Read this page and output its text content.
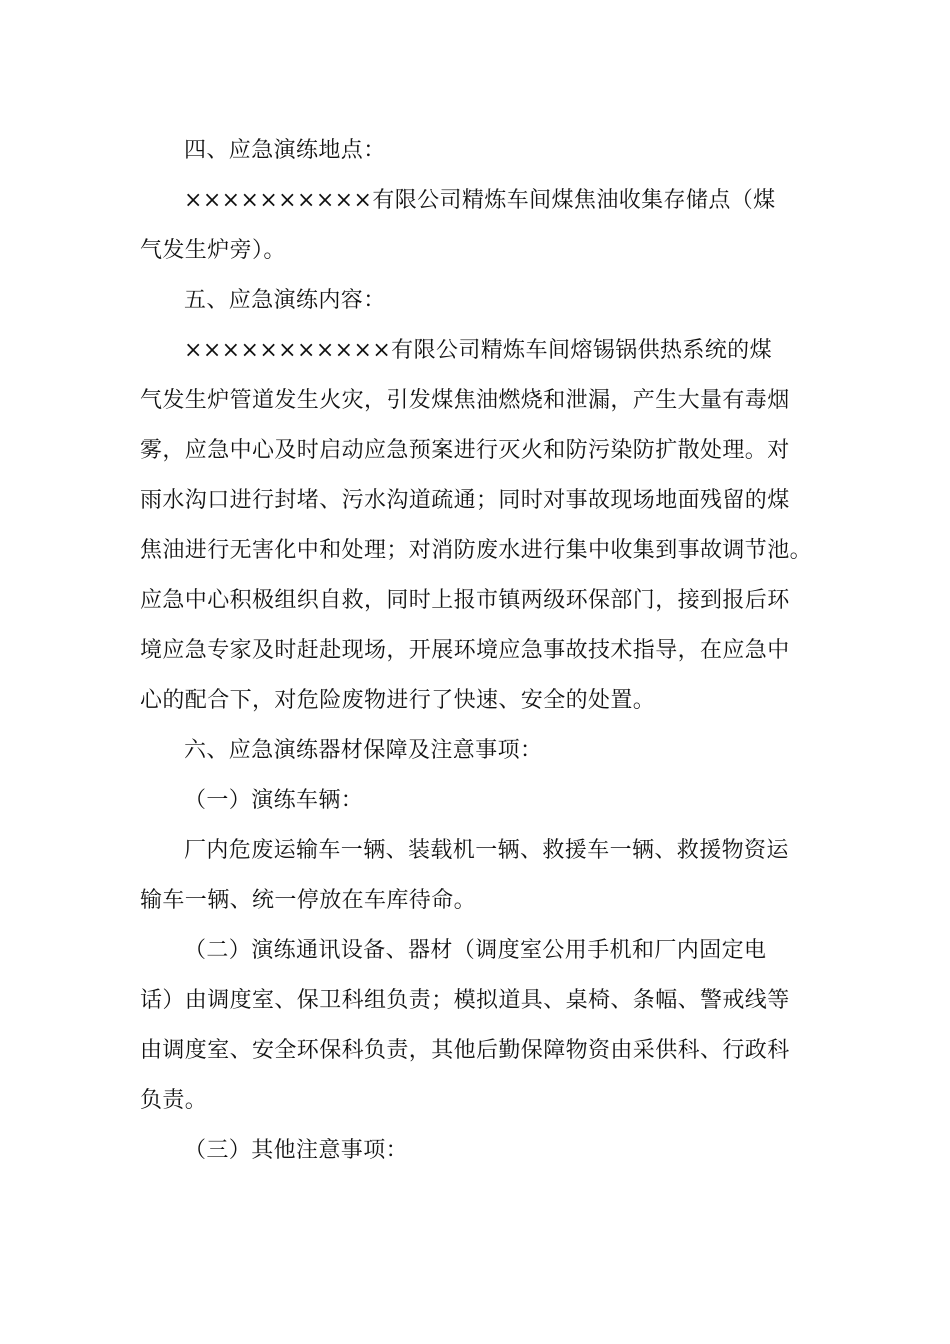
四、应急演练地点：
××××××××××有限公司精炼车间煤焦油收集存储点（煤
气发生炉旁）。
五、应急演练内容：
×××××××××××有限公司精炼车间熔锡锅供热系统的煤
气发生炉管道发生火灾，引发煤焦油燃烧和泄漏，产生大量有毒烟
雾，应急中心及时启动应急预案进行灭火和防污染防扩散处理。对
雨水沟口进行封堵、污水沟道疏通；同时对事故现场地面残留的煤
焦油进行无害化中和处理；对消防废水进行集中收集到事故调节池。
应急中心积极组织自救，同时上报市镇两级环保部门，接到报后环
境应急专家及时赶赴现场，开展环境应急事故技术指导，在应急中
心的配合下，对危险废物进行了快速、安全的处置。
六、应急演练器材保障及注意事项：
（一）演练车辆：
厂内危废运输车一辆、装载机一辆、救援车一辆、救援物资运
输车一辆、统一停放在车库待命。
（二）演练通讯设备、器材（调度室公用手机和厂内固定电
话）由调度室、保卫科组负责；模拟道具、桌椅、条幅、警戒线等
由调度室、安全环保科负责，其他后勤保障物资由采供科、行政科
负责。
（三）其他注意事项：
